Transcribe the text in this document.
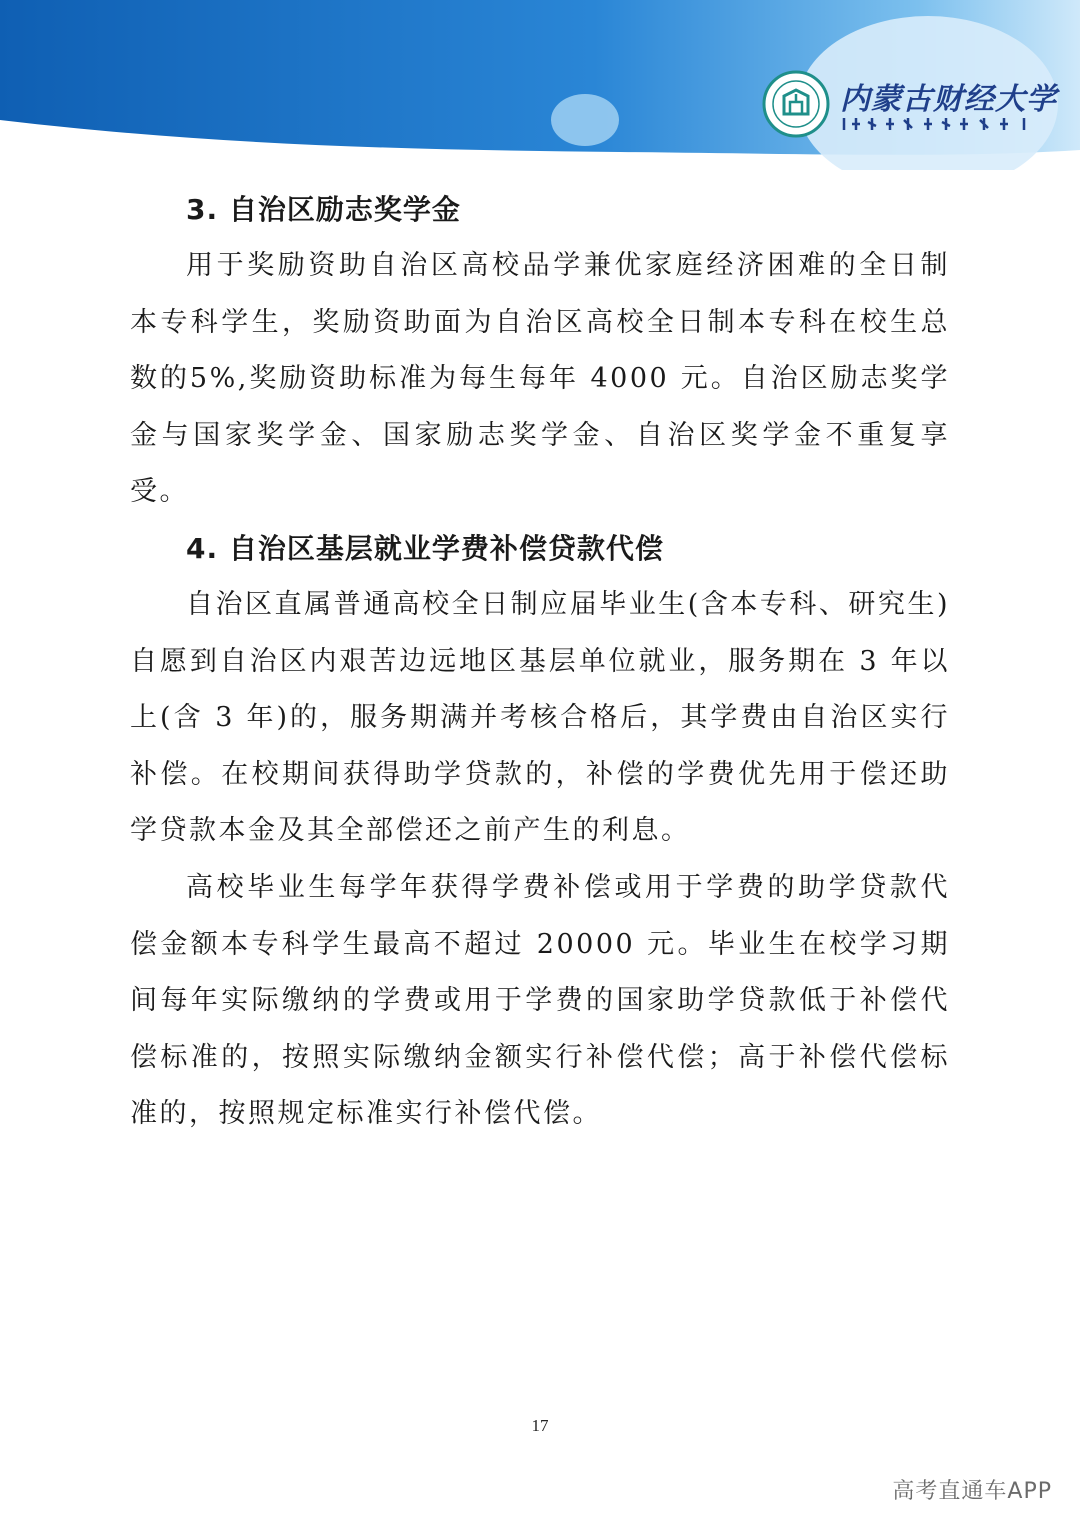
内蒙古财经大学
3. 自治区励志奖学金

用于奖励资助自治区高校品学兼优家庭经济困难的全日制本专科学生，奖励资助面为自治区高校全日制本专科在校生总数的5%,奖励资助标准为每生每年 4000 元。自治区励志奖学金与国家奖学金、国家励志奖学金、自治区奖学金不重复享受。

4. 自治区基层就业学费补偿贷款代偿

自治区直属普通高校全日制应届毕业生(含本专科、研究生)自愿到自治区内艰苦边远地区基层单位就业，服务期在 3 年以上(含 3 年)的，服务期满并考核合格后，其学费由自治区实行补偿。在校期间获得助学贷款的，补偿的学费优先用于偿还助学贷款本金及其全部偿还之前产生的利息。

高校毕业生每学年获得学费补偿或用于学费的助学贷款代偿金额本专科学生最高不超过 20000 元。毕业生在校学习期间每年实际缴纳的学费或用于学费的国家助学贷款低于补偿代偿标准的，按照实际缴纳金额实行补偿代偿；高于补偿代偿标准的，按照规定标准实行补偿代偿。

17
高考直通车APP
